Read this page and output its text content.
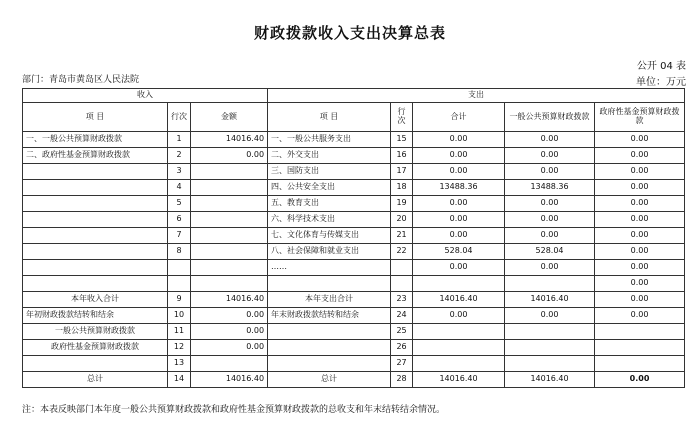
财政拨款收入支出决算总表
公开 04 表
部门：青岛市黄岛区人民法院	单位：万元
收入			支出				
项 目	行次	金额	项 目	行次	合计	一般公共预算财政拨款	政府性基金预算财政拨款
一、一般公共预算财政拨款	1	14016.40	一、一般公共服务支出	15	0.00	0.00	0.00
二、政府性基金预算财政拨款	2	0.00	二、外交支出	16	0.00	0.00	0.00
	3		三、国防支出	17	0.00	0.00	0.00
	4		四、公共安全支出	18	13488.36	13488.36	0.00
	5		五、教育支出	19	0.00	0.00	0.00
	6		六、科学技术支出	20	0.00	0.00	0.00
	7		七、文化体育与传媒支出	21	0.00	0.00	0.00
	8		八、社会保障和就业支出	22	528.04	528.04	0.00
			……		0.00	0.00	0.00
							0.00
本年收入合计	9	14016.40	本年支出合计	23	14016.40	14016.40	0.00
年初财政拨款结转和结余	10	0.00	年末财政拨款结转和结余	24	0.00	0.00	0.00
一般公共预算财政拨款	11	0.00		25			
政府性基金预算财政拨款	12	0.00		26			
	13			27			
总计	14	14016.40	总计	28	14016.40	14016.40	0.00
注：本表反映部门本年度一般公共预算财政拨款和政府性基金预算财政拨款的总收支和年末结转结余情况。
